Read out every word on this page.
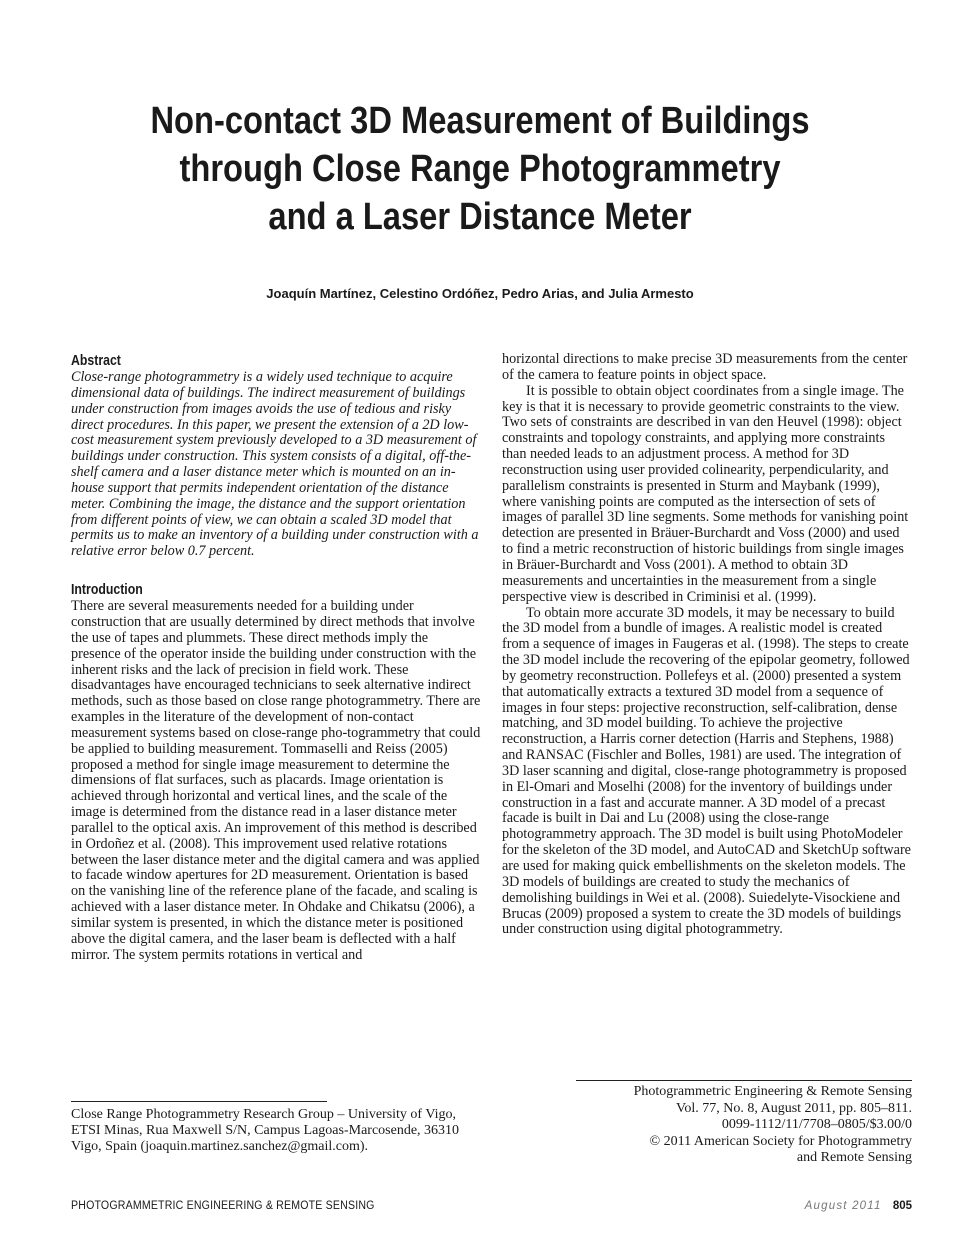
Non-contact 3D Measurement of Buildings
through Close Range Photogrammetry
and a Laser Distance Meter
Joaquín Martínez, Celestino Ordóñez, Pedro Arias, and Julia Armesto
Abstract

Close-range photogrammetry is a widely used technique to acquire dimensional data of buildings. The indirect measurement of buildings under construction from images avoids the use of tedious and risky direct procedures. In this paper, we present the extension of a 2D low-cost measurement system previously developed to a 3D measurement of buildings under construction. This system consists of a digital, off-the-shelf camera and a laser distance meter which is mounted on an in-house support that permits independent orientation of the distance meter. Combining the image, the distance and the support orientation from different points of view, we can obtain a scaled 3D model that permits us to make an inventory of a building under construction with a relative error below 0.7 percent.

Introduction

There are several measurements needed for a building under construction that are usually determined by direct methods that involve the use of tapes and plummets. These direct methods imply the presence of the operator inside the building under construction with the inherent risks and the lack of precision in field work. These disadvantages have encouraged technicians to seek alternative indirect methods, such as those based on close range photogrammetry. There are examples in the literature of the development of non-contact measurement systems based on close-range pho-togrammetry that could be applied to building measurement. Tommaselli and Reiss (2005) proposed a method for single image measurement to determine the dimensions of flat surfaces, such as placards. Image orientation is achieved through horizontal and vertical lines, and the scale of the image is determined from the distance read in a laser distance meter parallel to the optical axis. An improvement of this method is described in Ordoñez et al. (2008). This improvement used relative rotations between the laser distance meter and the digital camera and was applied to facade window apertures for 2D measurement. Orientation is based on the vanishing line of the reference plane of the facade, and scaling is achieved with a laser distance meter. In Ohdake and Chikatsu (2006), a similar system is presented, in which the distance meter is positioned above the digital camera, and the laser beam is deflected with a half mirror. The system permits rotations in vertical and

horizontal directions to make precise 3D measurements from the center of the camera to feature points in object space.

It is possible to obtain object coordinates from a single image. The key is that it is necessary to provide geometric constraints to the view. Two sets of constraints are described in van den Heuvel (1998): object constraints and topology constraints, and applying more constraints than needed leads to an adjustment process. A method for 3D reconstruction using user provided colinearity, perpendicularity, and parallelism constraints is presented in Sturm and Maybank (1999), where vanishing points are computed as the intersection of sets of images of parallel 3D line segments. Some methods for vanishing point detection are presented in Bräuer-Burchardt and Voss (2000) and used to find a metric reconstruction of historic buildings from single images in Bräuer-Burchardt and Voss (2001). A method to obtain 3D measurements and uncertainties in the measurement from a single perspective view is described in Criminisi et al. (1999).

To obtain more accurate 3D models, it may be necessary to build the 3D model from a bundle of images. A realistic model is created from a sequence of images in Faugeras et al. (1998). The steps to create the 3D model include the recovering of the epipolar geometry, followed by geometry reconstruction. Pollefeys et al. (2000) presented a system that automatically extracts a textured 3D model from a sequence of images in four steps: projective reconstruction, self-calibration, dense matching, and 3D model building. To achieve the projective reconstruction, a Harris corner detection (Harris and Stephens, 1988) and RANSAC (Fischler and Bolles, 1981) are used. The integration of 3D laser scanning and digital, close-range photogrammetry is proposed in El-Omari and Moselhi (2008) for the inventory of buildings under construction in a fast and accurate manner. A 3D model of a precast facade is built in Dai and Lu (2008) using the close-range photogrammetry approach. The 3D model is built using PhotoModeler for the skeleton of the 3D model, and AutoCAD and SketchUp software are used for making quick embellishments on the skeleton models. The 3D models of buildings are created to study the mechanics of demolishing buildings in Wei et al. (2008). Suiedelyte-Visockiene and Brucas (2009) proposed a system to create the 3D models of buildings under construction using digital photogrammetry.

Photogrammetric Engineering & Remote Sensing
Vol. 77, No. 8, August 2011, pp. 805–811.
0099-1112/11/7708–0805/$3.00/0
© 2011 American Society for Photogrammetry
and Remote Sensing
Close Range Photogrammetry Research Group – University of Vigo, ETSI Minas, Rua Maxwell S/N, Campus Lagoas-Marcosende, 36310 Vigo, Spain (joaquin.martinez.sanchez@gmail.com).
PHOTOGRAMMETRIC ENGINEERING & REMOTE SENSING	August 2011 805
